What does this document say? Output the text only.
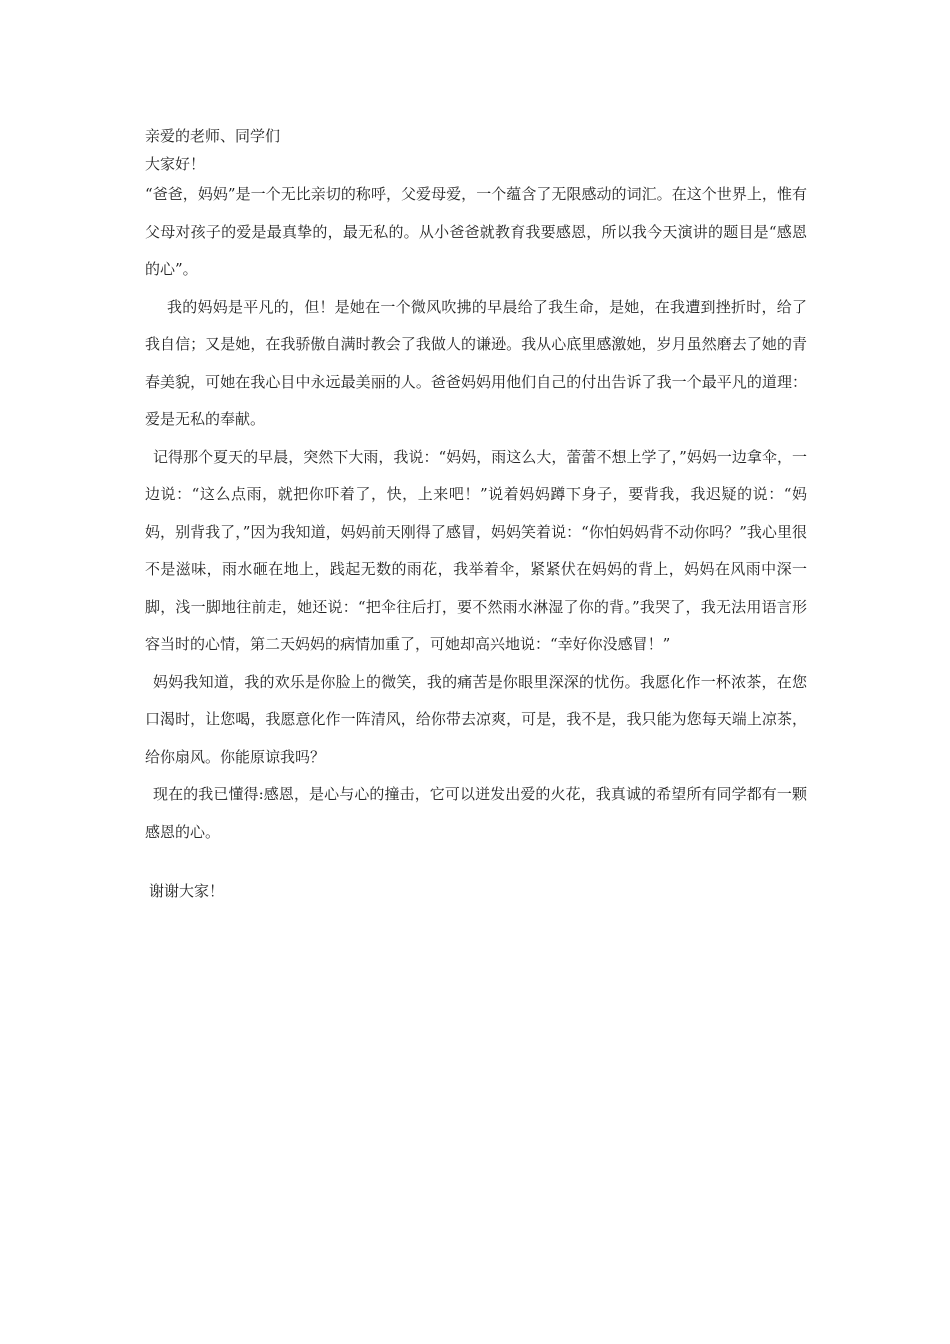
亲爱的老师、同学们

大家好！

“爸爸，妈妈”是一个无比亲切的称呼，父爱母爱，一个蕴含了无限感动的词汇。在这个世界上，惟有父母对孩子的爱是最真挚的，最无私的。从小爸爸就教育我要感恩，所以我今天演讲的题目是“感恩的心”。

我的妈妈是平凡的，但！是她在一个微风吹拂的早晨给了我生命，是她，在我遭到挫折时，给了我自信；又是她，在我骄傲自满时教会了我做人的谦逊。我从心底里感激她，岁月虽然磨去了她的青春美貌，可她在我心目中永远最美丽的人。爸爸妈妈用他们自己的付出告诉了我一个最平凡的道理：爱是无私的奉献。

记得那个夏天的早晨，突然下大雨，我说：“妈妈，雨这么大，蕾蕾不想上学了，”妈妈一边拿伞，一边说：“这么点雨，就把你吓着了，快，上来吧！”说着妈妈蹲下身子，要背我，我迟疑的说：“妈妈，别背我了，”因为我知道，妈妈前天刚得了感冒，妈妈笑着说：“你怕妈妈背不动你吗？”我心里很不是滋味，雨水砸在地上，践起无数的雨花，我举着伞，紧紧伏在妈妈的背上，妈妈在风雨中深一脚，浅一脚地往前走，她还说：“把伞往后打，要不然雨水淋湿了你的背。”我哭了，我无法用语言形容当时的心情，第二天妈妈的病情加重了，可她却高兴地说：“幸好你没感冒！”

妈妈我知道，我的欢乐是你脸上的微笑，我的痛苦是你眼里深深的忧伤。我愿化作一杯浓茶，在您口渴时，让您喝，我愿意化作一阵清风，给你带去凉爽，可是，我不是，我只能为您每天端上凉茶，给你扇风。你能原谅我吗？

现在的我已懂得:感恩，是心与心的撞击，它可以迸发出爱的火花，我真诚的希望所有同学都有一颗感恩的心。

谢谢大家！
